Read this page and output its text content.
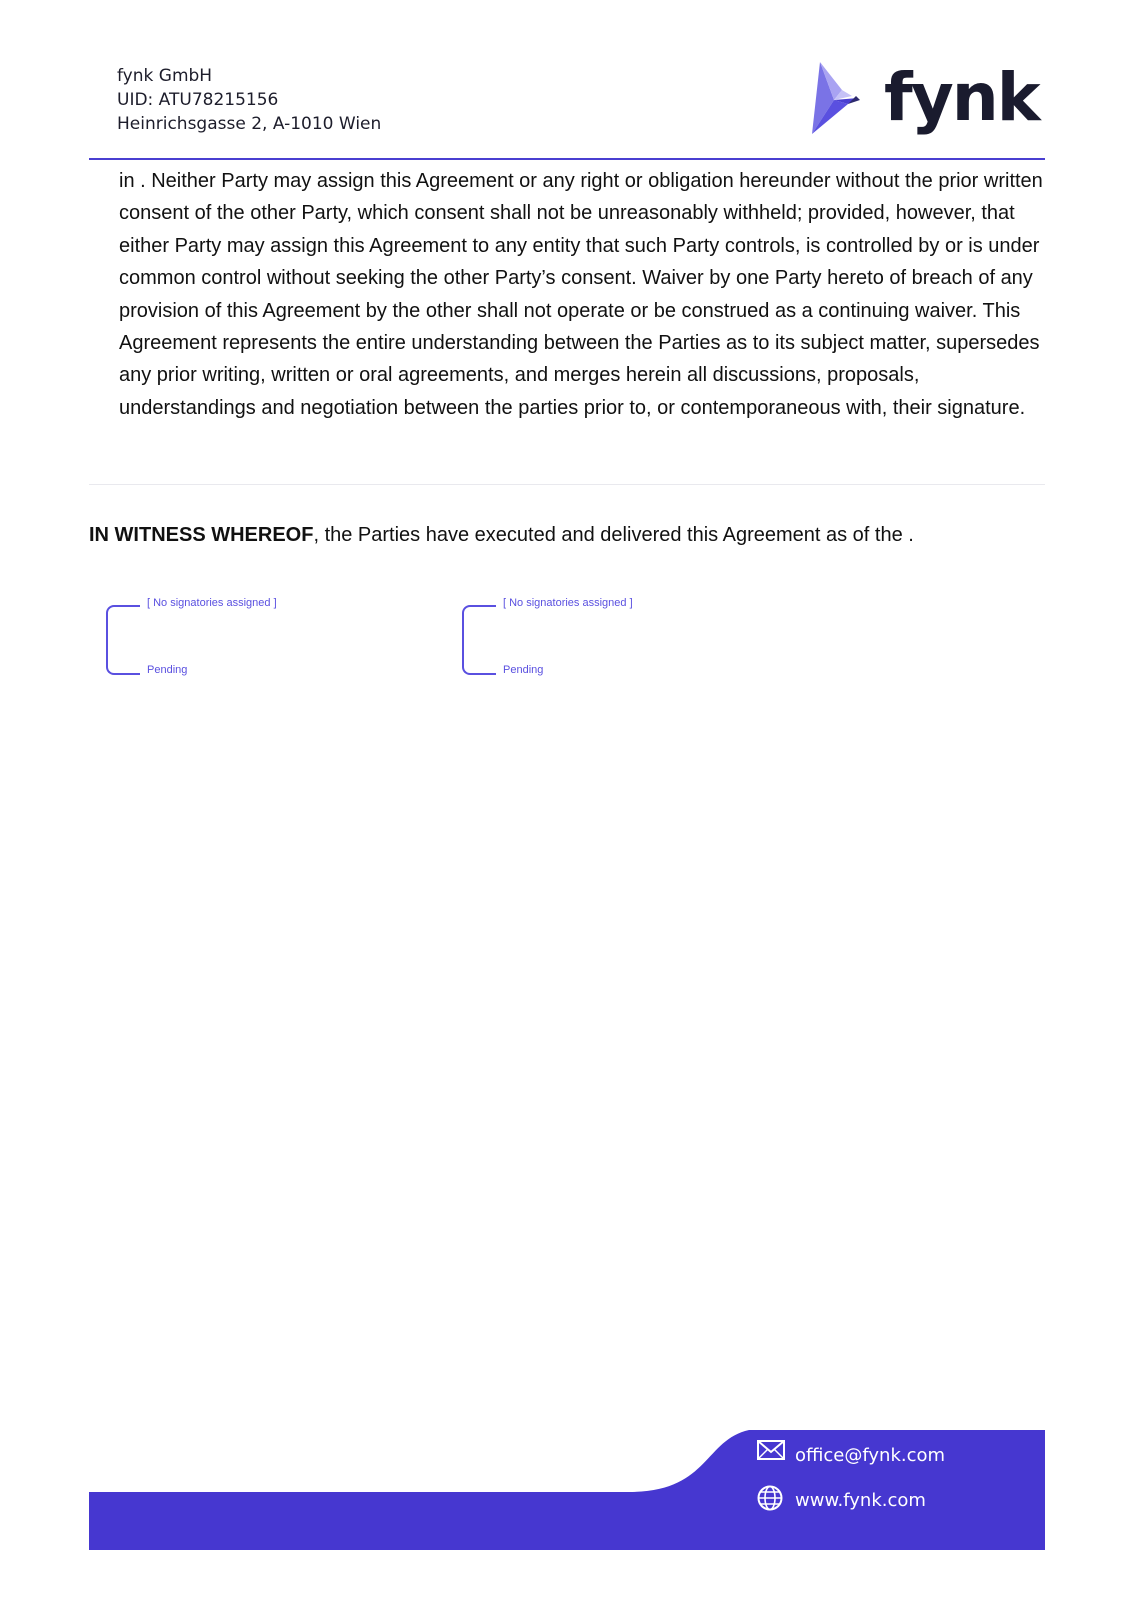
fynk GmbH
UID: ATU78215156
Heinrichsgasse 2, A-1010 Wien	fynk
in . Neither Party may assign this Agreement or any right or obligation hereunder without the prior written consent of the other Party, which consent shall not be unreasonably withheld; provided, however, that either Party may assign this Agreement to any entity that such Party controls, is controlled by or is under common control without seeking the other Party’s consent. Waiver by one Party hereto of breach of any provision of this Agreement by the other shall not operate or be construed as a continuing waiver. This Agreement represents the entire understanding between the Parties as to its subject matter, supersedes any prior writing, written or oral agreements, and merges herein all discussions, proposals, understandings and negotiation between the parties prior to, or contemporaneous with, their signature.
IN WITNESS WHEREOF, the Parties have executed and delivered this Agreement as of the .
[ No signatories assigned ]
Pending
[ No signatories assigned ]
Pending
office@fynk.com
www.fynk.com
